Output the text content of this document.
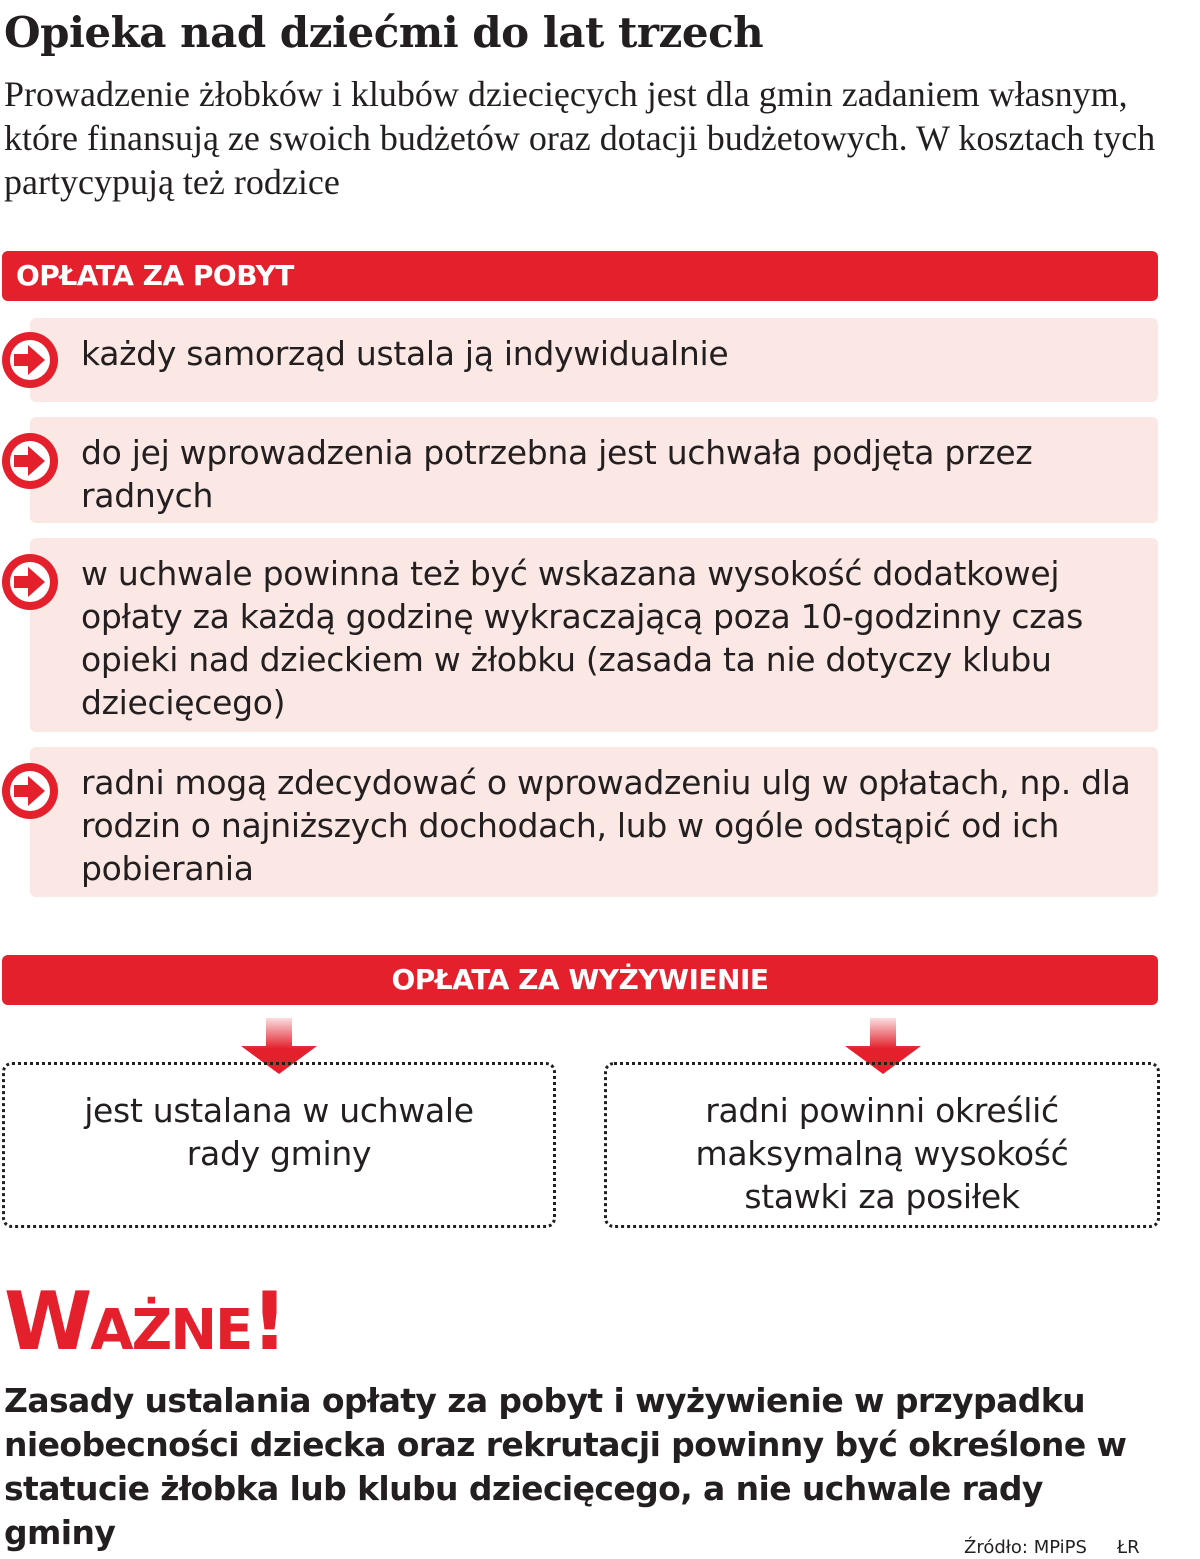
Opieka nad dziećmi do lat trzech

Prowadzenie żłobków i klubów dziecięcych jest dla gmin zadaniem własnym, które finansują ze swoich budżetów oraz dotacji budżetowych. W kosztach tych partycypują też rodzice

OPŁATA ZA POBYT
każdy samorząd ustala ją indywidualnie
do jej wprowadzenia potrzebna jest uchwała podjęta przez radnych
w uchwale powinna też być wskazana wysokość dodatkowej opłaty za każdą godzinę wykraczającą poza 10-godzinny czas opieki nad dzieckiem w żłobku (zasada ta nie dotyczy klubu dziecięcego)
radni mogą zdecydować o wprowadzeniu ulg w opłatach, np. dla rodzin o najniższych dochodach, lub w ogóle odstąpić od ich pobierania
OPŁATA ZA WYŻYWIENIE
jest ustalana w uchwale rady gminy
radni powinni określić maksymalną wysokość stawki za posiłek
Ważne!

Zasady ustalania opłaty za pobyt i wyżywienie w przypadku nieobecności dziecka oraz rekrutacji powinny być określone w statucie żłobka lub klubu dziecięcego, a nie uchwale rady gminy	Źródło: MPiPS ŁR
